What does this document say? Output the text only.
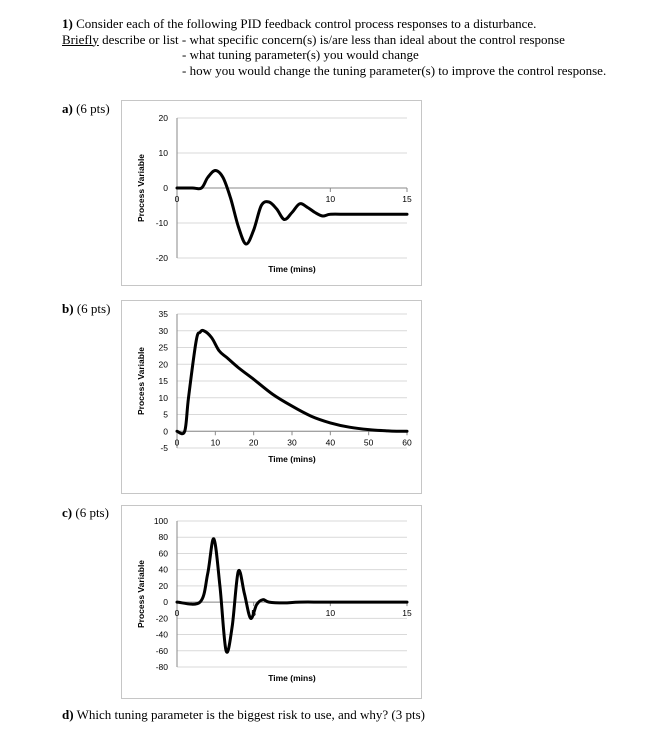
1) Consider each of the following PID feedback control process responses to a disturbance.
Briefly describe or list - what specific concern(s) is/are less than ideal about the control response
- what tuning parameter(s) you would change
- how you would change the tuning parameter(s) to improve the control response.
a) (6 pts)
b) (6 pts)
c) (6 pts)
-20
-10
0
10
20
0	10	15
Time (mins)
Process Variable
-5
0
5
10
15
20
25
30
35
0	10	20	30	40	50	60
Time (mins)
Process Variable
-80
-60
-40
-20
0
20
40
60
80
100
0	5	10	15
Time (mins)
Process Variable
d) Which tuning parameter is the biggest risk to use, and why? (3 pts)
